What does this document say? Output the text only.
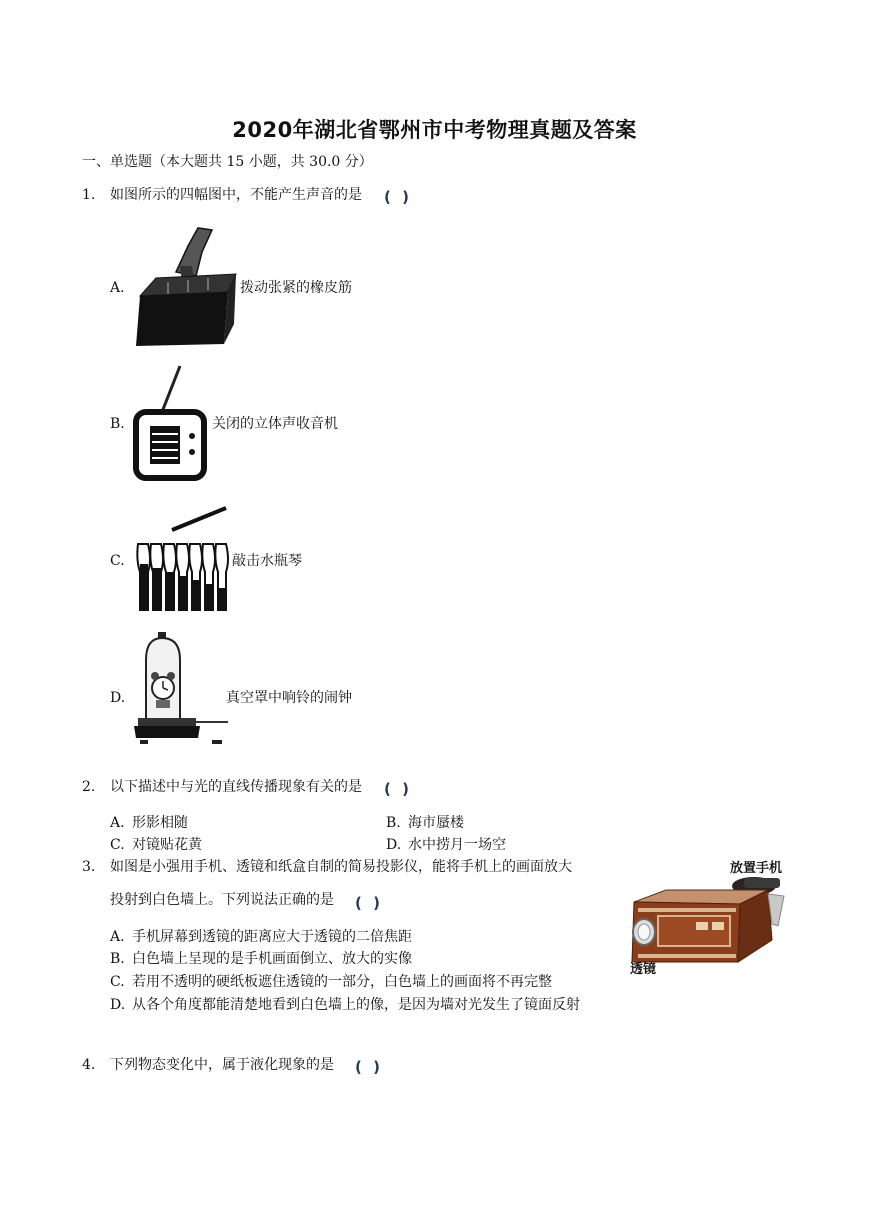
2020年湖北省鄂州市中考物理真题及答案
一、单选题（本大题共 15 小题，共 30.0 分）
1. 如图所示的四幅图中，不能产生声音的是 ( )
A.	拨动张紧的橡皮筋
B.	关闭的立体声收音机
C.	敲击水瓶琴
D.	真空罩中响铃的闹钟
2. 以下描述中与光的直线传播现象有关的是 ( )
A. 形影相随	B. 海市蜃楼
C. 对镜贴花黄	D. 水中捞月一场空
3. 如图是小强用手机、透镜和纸盒自制的简易投影仪，能将手机上的画面放大
投射到白色墙上。下列说法正确的是 ( )
放置手机
透镜
A. 手机屏幕到透镜的距离应大于透镜的二倍焦距
B. 白色墙上呈现的是手机画面倒立、放大的实像
C. 若用不透明的硬纸板遮住透镜的一部分，白色墙上的画面将不再完整
D. 从各个角度都能清楚地看到白色墙上的像，是因为墙对光发生了镜面反射
4. 下列物态变化中，属于液化现象的是 ( )
